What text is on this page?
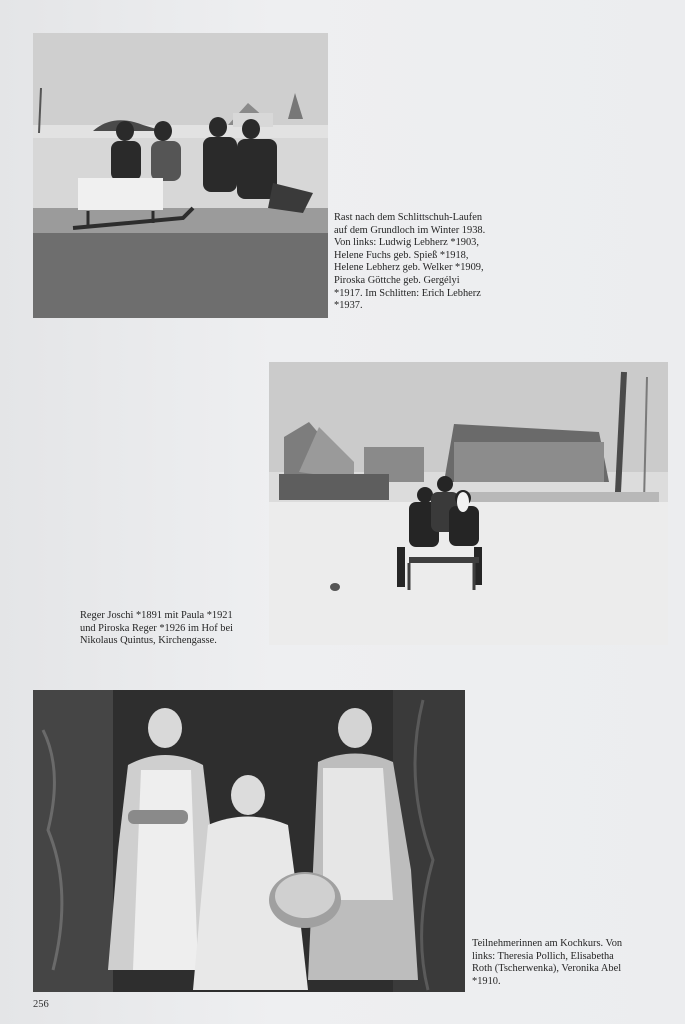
Rast nach dem Schlittschuh-Laufen
auf dem Grundloch im Winter 1938.
Von links: Ludwig Lebherz *1903,
Helene Fuchs geb. Spieß *1918,
Helene Lebherz geb. Welker *1909,
Piroska Göttche geb. Gergélyi
*1917. Im Schlitten: Erich Lebherz
*1937.
Reger Joschi *1891 mit Paula *1921
und Piroska Reger *1926 im Hof bei
Nikolaus Quintus, Kirchengasse.
Teilnehmerinnen am Kochkurs. Von
links: Theresia Pollich, Elisabetha
Roth (Tscherwenka), Veronika Abel
*1910.
256
